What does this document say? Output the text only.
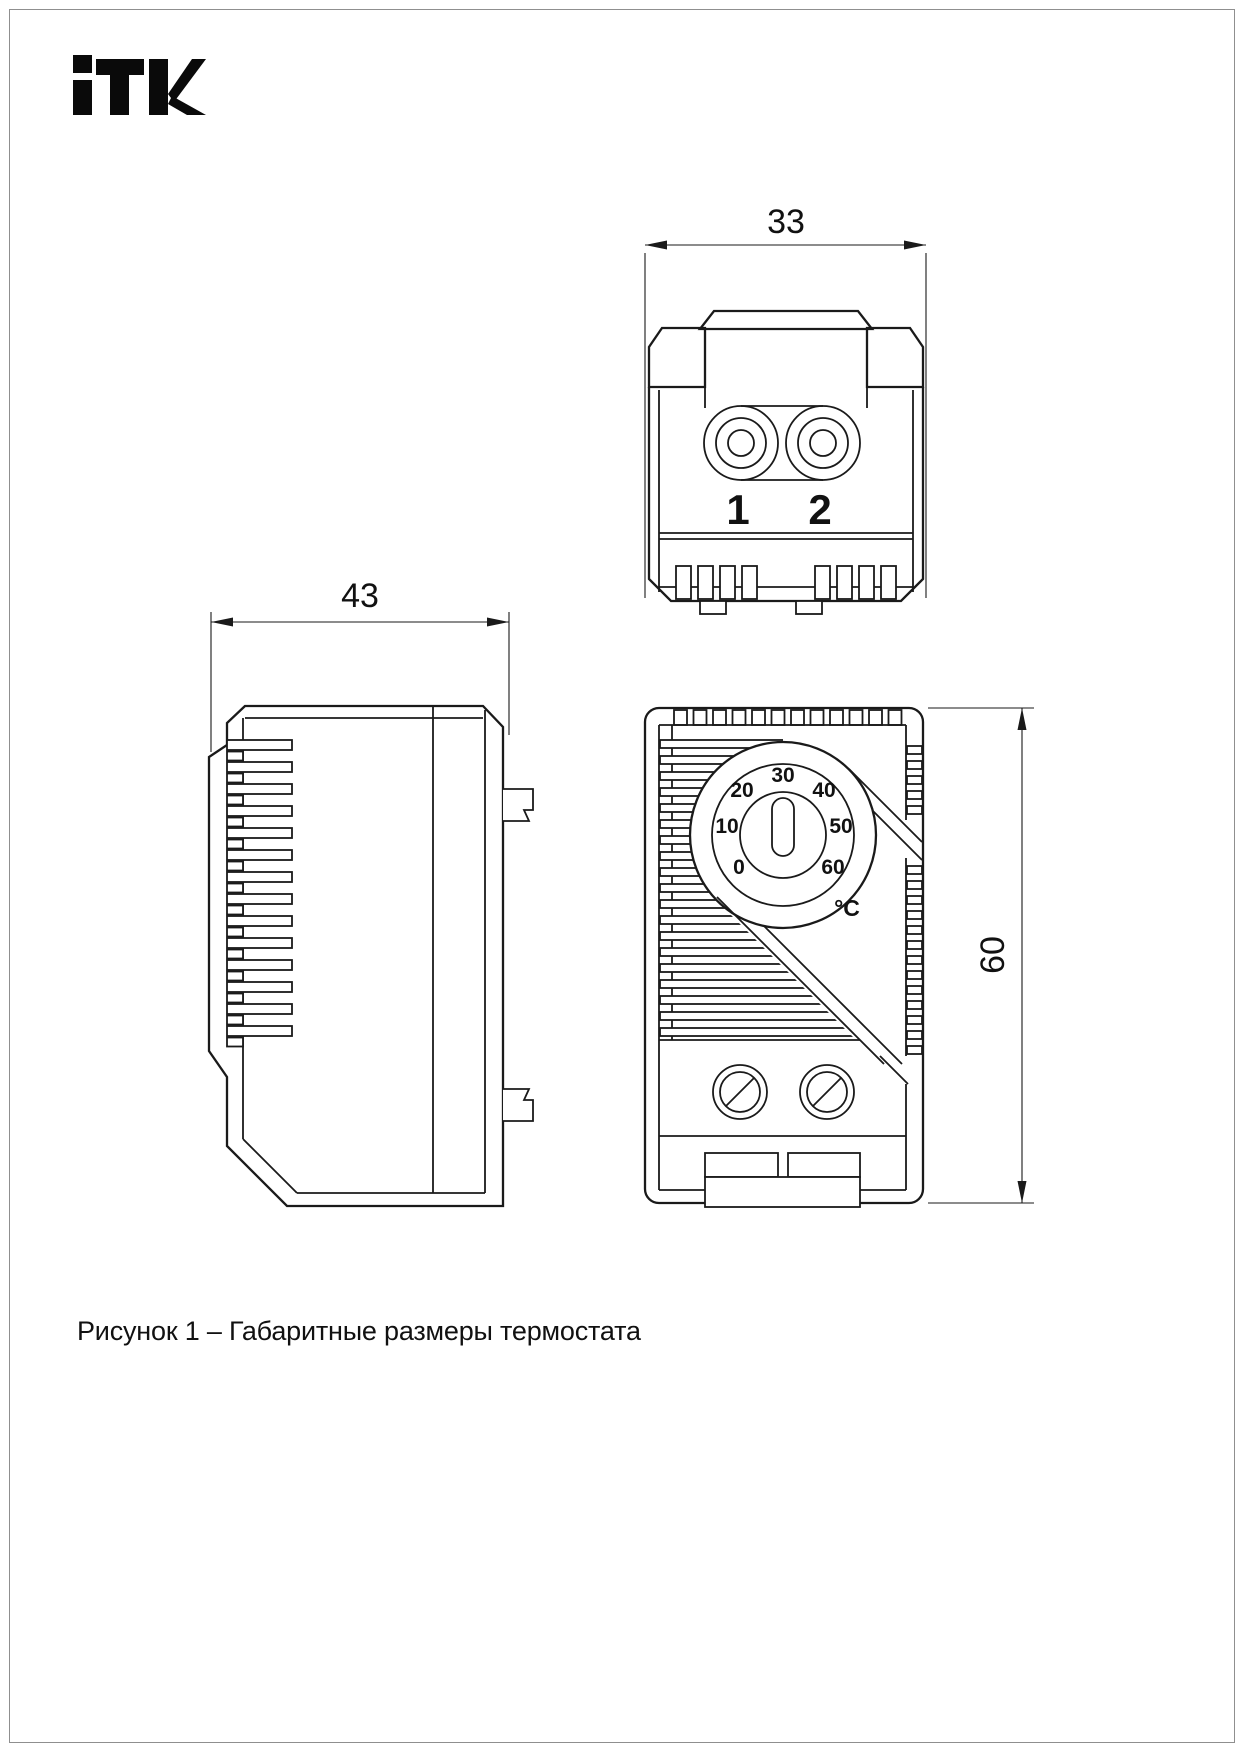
33
1 2
43
0
10
20
30
40
50
60
°C
60
Рисунок 1 – Габаритные размеры термостата
